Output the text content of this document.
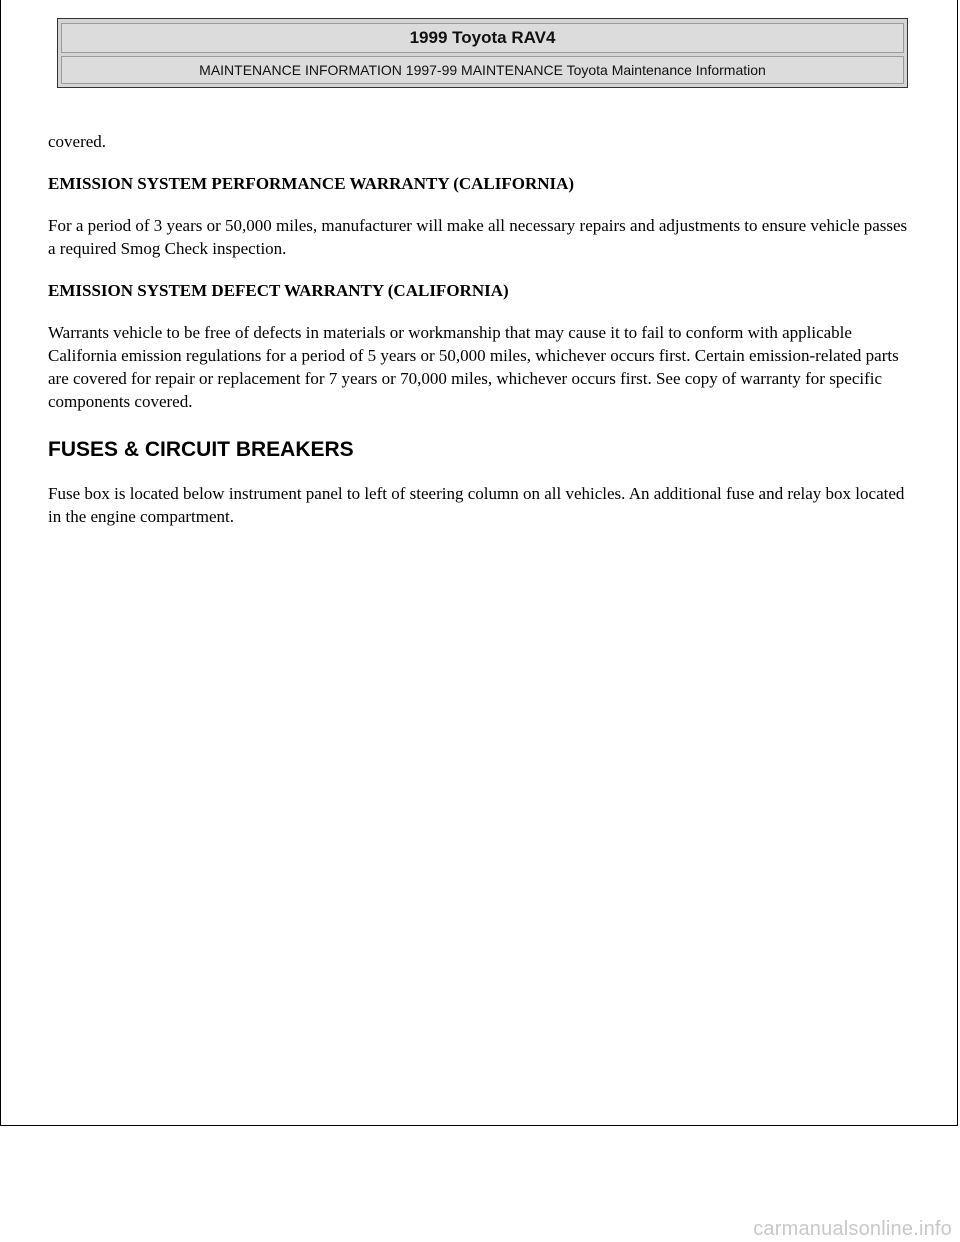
1999 Toyota RAV4
MAINTENANCE INFORMATION 1997-99 MAINTENANCE Toyota Maintenance Information

covered.

EMISSION SYSTEM PERFORMANCE WARRANTY (CALIFORNIA)

For a period of 3 years or 50,000 miles, manufacturer will make all necessary repairs and adjustments to ensure vehicle passes a required Smog Check inspection.

EMISSION SYSTEM DEFECT WARRANTY (CALIFORNIA)

Warrants vehicle to be free of defects in materials or workmanship that may cause it to fail to conform with applicable California emission regulations for a period of 5 years or 50,000 miles, whichever occurs first. Certain emission-related parts are covered for repair or replacement for 7 years or 70,000 miles, whichever occurs first. See copy of warranty for specific components covered.

FUSES & CIRCUIT BREAKERS

Fuse box is located below instrument panel to left of steering column on all vehicles. An additional fuse and relay box located in the engine compartment.

carmanualsonline.info
